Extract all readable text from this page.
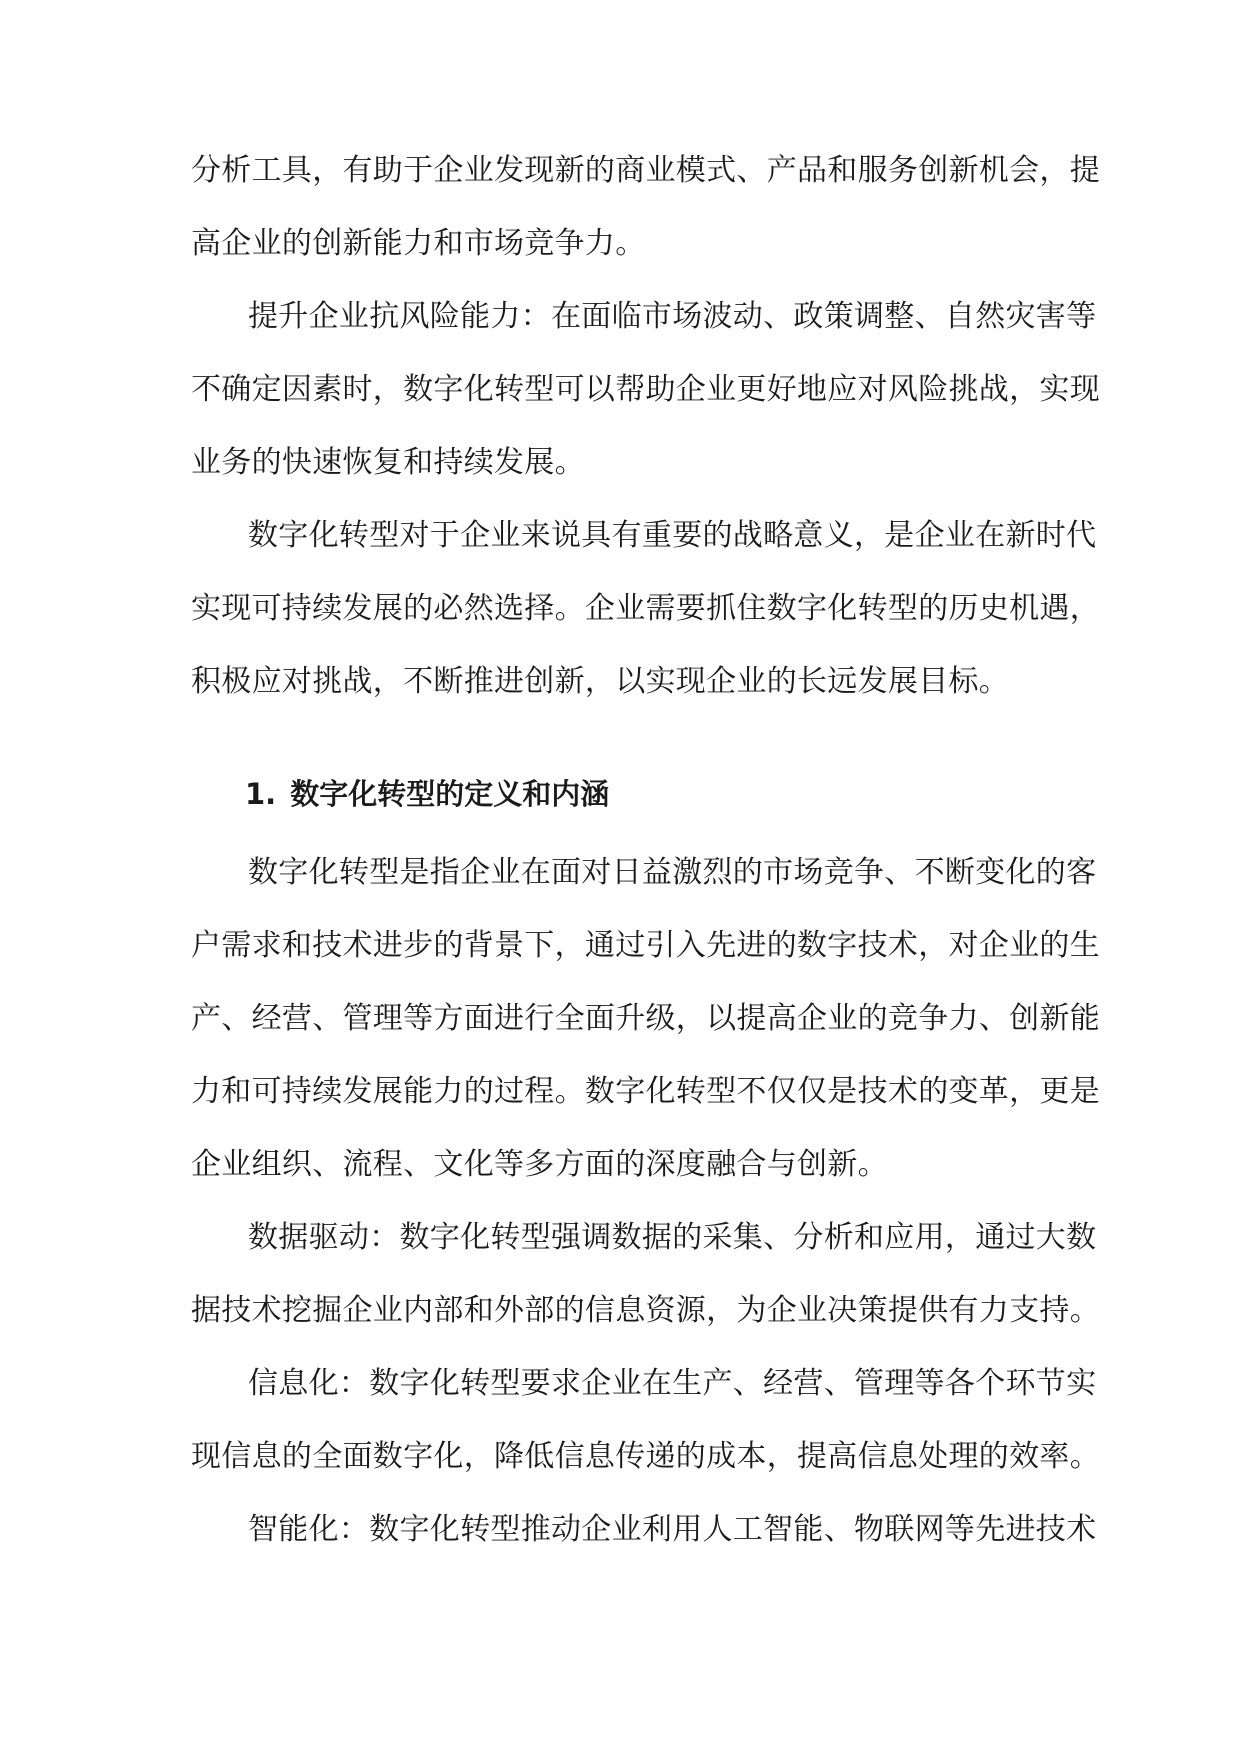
分析工具，有助于企业发现新的商业模式、产品和服务创新机会，提
高企业的创新能力和市场竞争力。
提升企业抗风险能力：在面临市场波动、政策调整、自然灾害等
不确定因素时，数字化转型可以帮助企业更好地应对风险挑战，实现
业务的快速恢复和持续发展。
数字化转型对于企业来说具有重要的战略意义，是企业在新时代
实现可持续发展的必然选择。企业需要抓住数字化转型的历史机遇，
积极应对挑战，不断推进创新，以实现企业的长远发展目标。
1. 数字化转型的定义和内涵
数字化转型是指企业在面对日益激烈的市场竞争、不断变化的客
户需求和技术进步的背景下，通过引入先进的数字技术，对企业的生
产、经营、管理等方面进行全面升级，以提高企业的竞争力、创新能
力和可持续发展能力的过程。数字化转型不仅仅是技术的变革，更是
企业组织、流程、文化等多方面的深度融合与创新。
数据驱动：数字化转型强调数据的采集、分析和应用，通过大数
据技术挖掘企业内部和外部的信息资源，为企业决策提供有力支持。
信息化：数字化转型要求企业在生产、经营、管理等各个环节实
现信息的全面数字化，降低信息传递的成本，提高信息处理的效率。
智能化：数字化转型推动企业利用人工智能、物联网等先进技术
